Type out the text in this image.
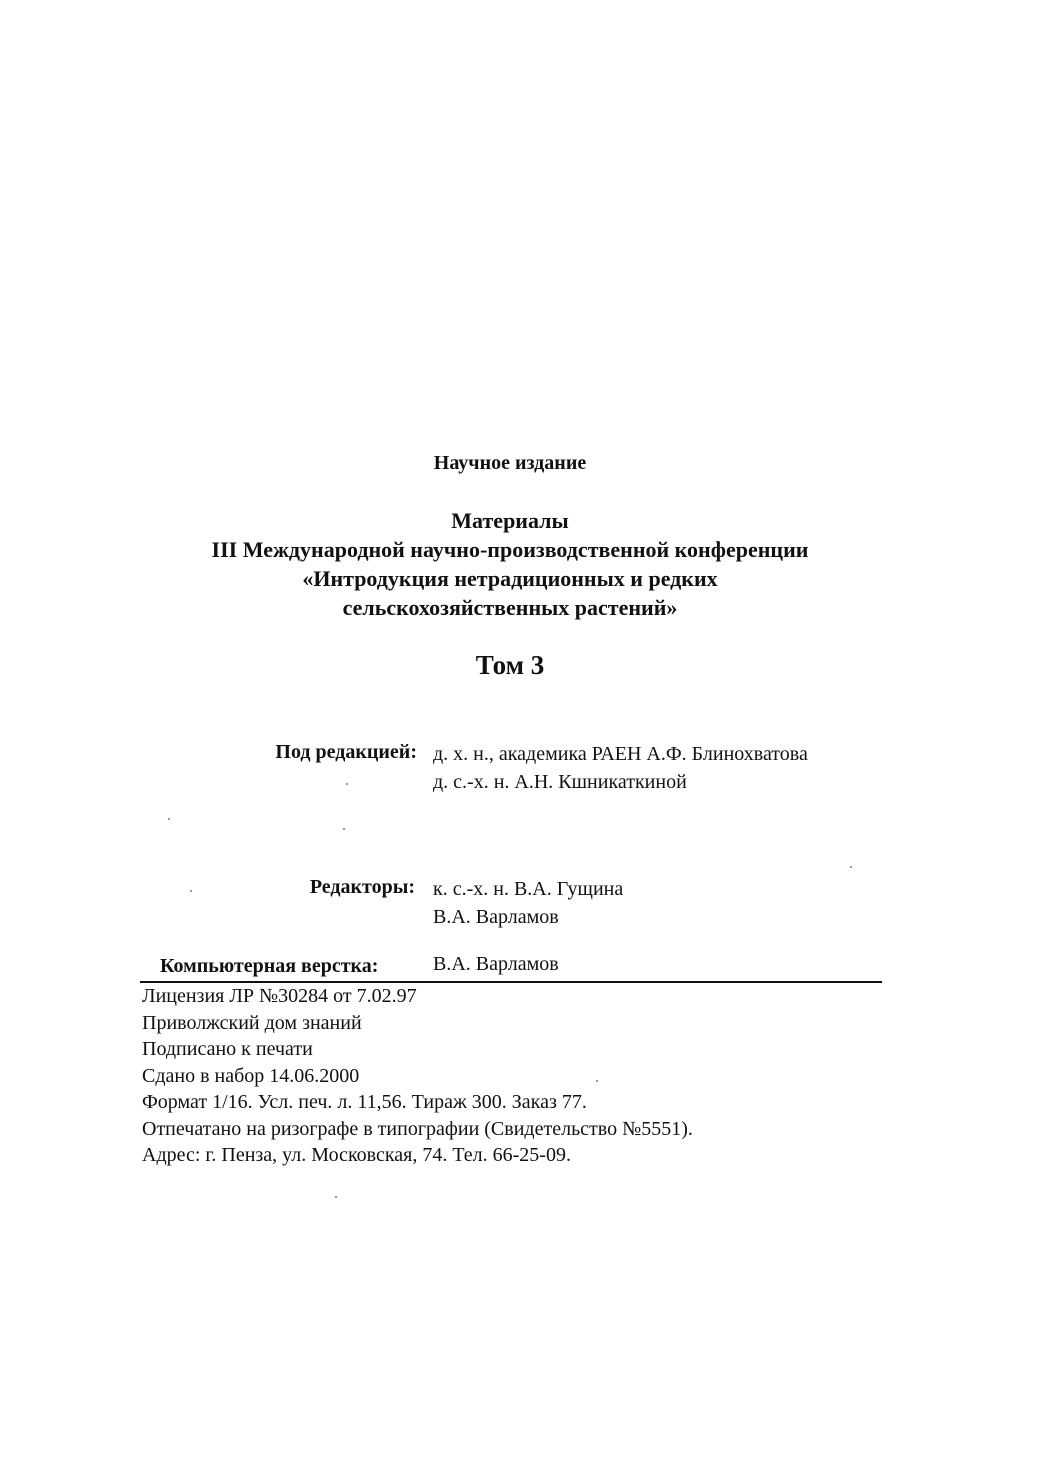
Научное издание
Материалы
III Международной научно-производственной конференции
«Интродукция нетрадиционных и редких
сельскохозяйственных растений»
Том 3
Под редакцией: д. х. н., академика РАЕН А.Ф. Блинохватова
д. с.-х. н. А.Н. Кшникаткиной
Редакторы: к. с.-х. н. В.А. Гущина
В.А. Варламов
Компьютерная верстка:	В.А. Варламов
Лицензия ЛР №30284 от 7.02.97
Приволжский дом знаний
Подписано к печати
Сдано в набор 14.06.2000
Формат 1/16. Усл. печ. л. 11,56. Тираж 300. Заказ 77.
Отпечатано на ризографе в типографии (Свидетельство №5551).
Адрес: г. Пенза, ул. Московская, 74. Тел. 66-25-09.
